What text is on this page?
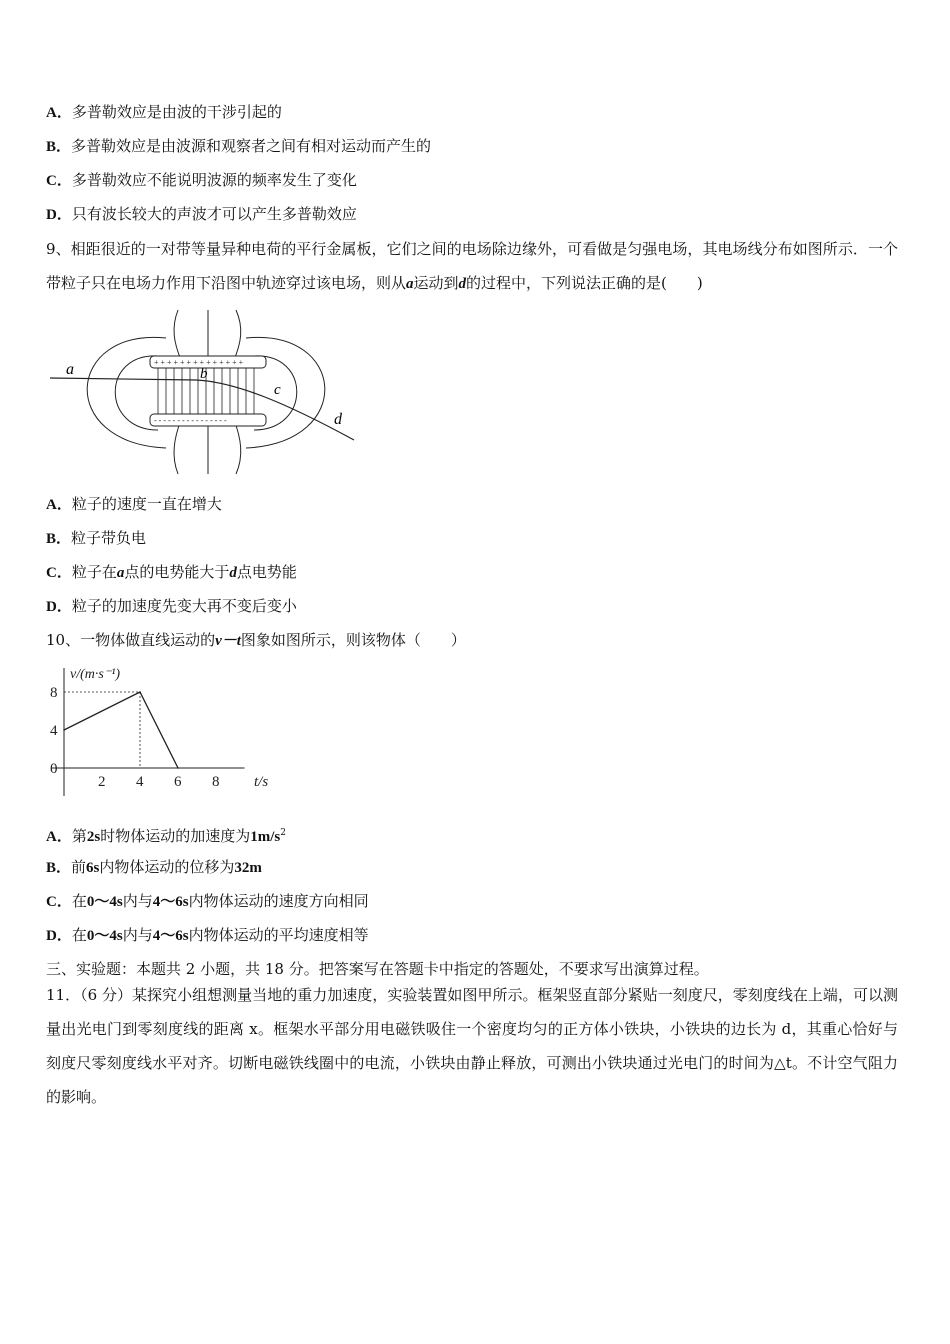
A．多普勒效应是由波的干涉引起的
B．多普勒效应是由波源和观察者之间有相对运动而产生的
C．多普勒效应不能说明波源的频率发生了变化
D．只有波长较大的声波才可以产生多普勒效应
9、相距很近的一对带等量异种电荷的平行金属板，它们之间的电场除边缘外，可看做是匀强电场，其电场线分布如图所示．一个带粒子只在电场力作用下沿图中轨迹穿过该电场，则从a运动到d的过程中，下列说法正确的是(　　)
+ + + + + + + + + + + + + +
- - - - - - - - - - - - - - - -
a	b
c
d
A．粒子的速度一直在增大
B．粒子带负电
C．粒子在a点的电势能大于d点电势能
D．粒子的加速度先变大再不变后变小
10、一物体做直线运动的v－t图象如图所示，则该物体（　　）
2 4 6 8
0
4
8
v/(m·s⁻¹)
t/s
A．第2s时物体运动的加速度为$1m/s^2$
B．前6s内物体运动的位移为32m
C．在0～4s内与4～6s内物体运动的速度方向相同
D．在0～4s内与4～6s内物体运动的平均速度相等
三、实验题：本题共 2 小题，共 18 分。把答案写在答题卡中指定的答题处，不要求写出演算过程。
11．（6 分）某探究小组想测量当地的重力加速度，实验装置如图甲所示。框架竖直部分紧贴一刻度尺，零刻度线在上端，可以测量出光电门到零刻度线的距离 x。框架水平部分用电磁铁吸住一个密度均匀的正方体小铁块，小铁块的边长为 d，其重心恰好与刻度尺零刻度线水平对齐。切断电磁铁线圈中的电流，小铁块由静止释放，可测出小铁块通过光电门的时间为△t。不计空气阻力的影响。
